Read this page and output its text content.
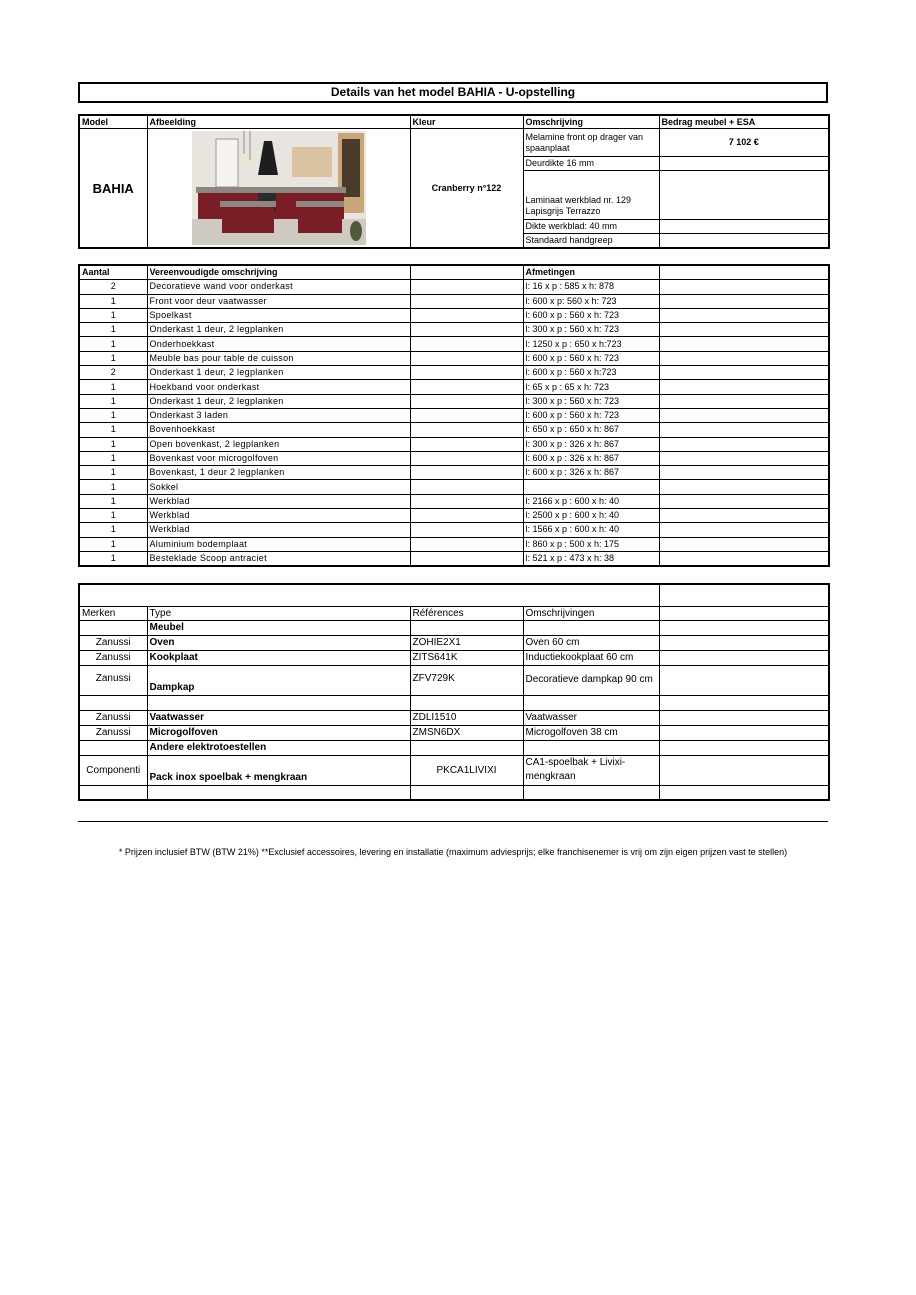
Details van het model BAHIA - U-opstelling
Model	Afbeelding	Kleur	Omschrijving	Bedrag meubel + ESA
BAHIA		Cranberry n°122	Melamine front op drager van spaanplaat	7 102 €
			Deurdikte 16 mm	
			Laminaat werkblad nr. 129 Lapisgrijs Terrazzo	
			Dikte werkblad: 40 mm	
			Standaard handgreep	
Aantal	Vereenvoudigde omschrijving		Afmetingen	
2	Decoratieve wand voor onderkast		l: 16 x p : 585 x h: 878	
1	Front voor deur vaatwasser		l: 600 x p: 560 x h: 723	
1	Spoelkast		l: 600 x p : 560 x h: 723	
1	Onderkast 1 deur, 2 legplanken		l: 300 x p : 560 x h: 723	
1	Onderhoekkast		l: 1250 x p : 650 x h:723	
1	Meuble bas pour table de cuisson		l: 600 x p : 560 x h: 723	
2	Onderkast 1 deur, 2 legplanken		l: 600 x p : 560 x h:723	
1	Hoekband voor onderkast		l: 65 x p : 65 x h: 723	
1	Onderkast 1 deur, 2 legplanken		l: 300 x p : 560 x h: 723	
1	Onderkast 3 laden		l: 600 x p : 560 x h: 723	
1	Bovenhoekkast		l: 650 x p : 650 x h: 867	
1	Open bovenkast, 2 legplanken		l: 300 x p : 326 x h: 867	
1	Bovenkast voor microgolfoven		l: 600 x p : 326 x h: 867	
1	Bovenkast, 1 deur 2 legplanken		l: 600 x p : 326 x h: 867	
1	Sokkel			
1	Werkblad		l: 2166 x p : 600 x h: 40	
1	Werkblad		l: 2500 x p : 600 x h: 40	
1	Werkblad		l: 1566 x p : 600 x h: 40	
1	Aluminium bodemplaat		l: 860 x p : 500 x h: 175	
1	Besteklade Scoop antraciet		l: 521 x p : 473 x h: 38	

Merken	Type	Références	Omschrijvingen	
	Meubel			
Zanussi	Oven	ZOHIE2X1	Oven 60 cm	
Zanussi	Kookplaat	ZITS641K	Inductiekookplaat 60 cm	
Zanussi	Dampkap	ZFV729K	Decoratieve dampkap 90 cm	

Zanussi	Vaatwasser	ZDLI1510	Vaatwasser	
Zanussi	Microgolfoven	ZMSN6DX	Microgolfoven 38 cm	
	Andere elektrotoestellen			
Componenti	Pack inox spoelbak + mengkraan	PKCA1LIVIXI	CA1-spoelbak + Livixi-mengkraan	

* Prijzen inclusief BTW (BTW 21%) **Exclusief accessoires, levering en installatie (maximum adviesprijs; elke franchisenemer is vrij om zijn eigen prijzen vast te stellen)
